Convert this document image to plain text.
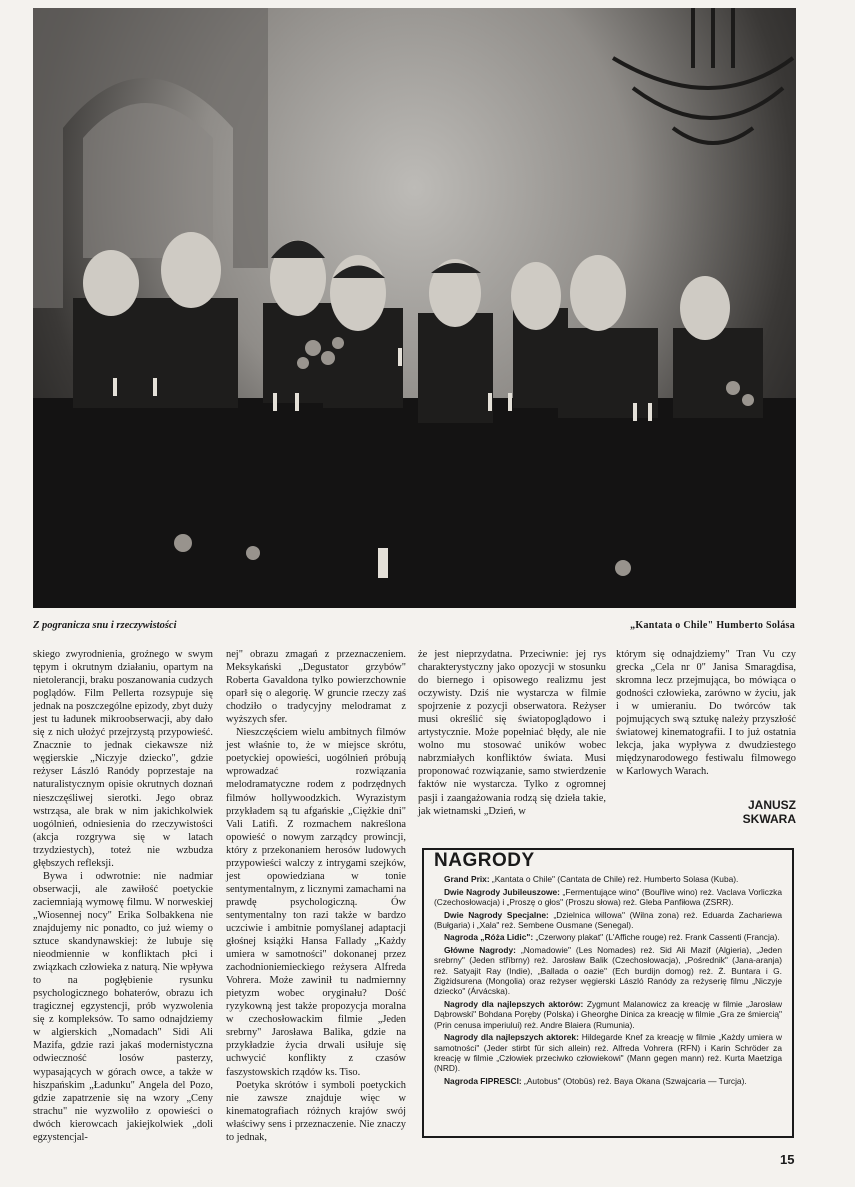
Z pogranicza snu i rzeczywistości	„Kantata o Chile" Humberto Solása

skiego zwyrodnienia, groźnego w swym tępym i okrutnym działaniu, opartym na nietolerancji, braku poszanowania cudzych poglądów. Film Pellerta rozsypuje się jednak na poszczególne epizody, zbyt duży jest tu ładunek mikroobserwacji, aby dało się z nich ułożyć przejrzystą przypowieść. Znacznie to jednak ciekawsze niż węgierskie „Niczyje dziecko", gdzie reżyser László Ranódy poprzestaje na naturalistycznym opisie okrutnych doznań nieszczęśliwej sierotki. Jego obraz wstrząsa, ale brak w nim jakichkolwiek uogólnień, odniesienia do rzeczywistości (akcja rozgrywa się w latach trzydziestych), toteż nie wzbudza głębszych refleksji.

Bywa i odwrotnie: nie nadmiar obserwacji, ale zawiłość poetyckie zaciemniają wymowę filmu. W norweskiej „Wiosennej nocy" Erika Solbakkena nie znajdujemy nic ponadto, co już wiemy o sztuce skandynawskiej: że lubuje się nieodmiennie w konfliktach płci i związkach człowieka z naturą. Nie wpływa to na pogłębienie rysunku psychologicznego bohaterów, obrazu ich tragicznej egzystencji, prób wyzwolenia się z kompleksów. To samo odnajdziemy w algierskich „Nomadach" Sidi Ali Mazifa, gdzie razi jakaś modernistyczna odwieczność losów pasterzy, wypasających w górach owce, a także w hiszpańskim „Ładunku" Angela del Pozo, gdzie zapatrzenie się na wzory „Ceny strachu" nie wyzwoliło z opowieści o dwóch kierowcach jakiejkolwiek „doli egzystencjal-

nej" obrazu zmagań z przeznaczeniem. Meksykański „Degustator grzybów" Roberta Gavaldona tylko powierzchownie oparł się o alegorię. W gruncie rzeczy zaś chodziło o tradycyjny melodramat z wyższych sfer.

Nieszczęściem wielu ambitnych filmów jest właśnie to, że w miejsce skrótu, poetyckiej opowieści, uogólnień próbują wprowadzać rozwiązania melodramatyczne rodem z podrzędnych filmów hollywoodzkich. Wyrazistym przykładem są tu afgańskie „Ciężkie dni" Vali Latifi. Z rozmachem nakreślona opowieść o nowym zarządcy prowincji, który z przekonaniem herosów ludowych przypowieści walczy z intrygami szejków, jest opowiedziana w tonie sentymentalnym, z licznymi zamachami na prawdę psychologiczną. Ów sentymentalny ton razi także w bardzo uczciwie i ambitnie pomyślanej adaptacji głośnej książki Hansa Fallady „Każdy umiera w samotności" dokonanej przez zachodnioniemieckiego reżysera Alfreda Vohrera. Może zawinił tu nadmiernny pietyzm wobec oryginału? Dość ryzykowną jest także propozycja moralna w czechosłowackim filmie „Jeden srebrny" Jarosława Balika, gdzie na przykładzie życia drwali usiłuje się uchwycić konflikty z czasów faszystowskich rządów ks. Tiso.

Poetyka skrótów i symboli poetyckich nie zawsze znajduje więc w kinematografiach różnych krajów swój właściwy sens i przeznaczenie. Nie znaczy to jednak,

że jest nieprzydatna. Przeciwnie: jej rys charakterystyczny jako opozycji w stosunku do biernego i opisowego realizmu jest oczywisty. Dziś nie wystarcza w filmie spojrzenie z pozycji obserwatora. Reżyser musi określić się światopoglądowo i artystycznie. Może popełniać błędy, ale nie wolno mu stosować uników wobec nabrzmiałych konfliktów świata. Musi proponować rozwiązanie, samo stwierdzenie faktów nie wystarcza. Tylko z ogromnej pasji i zaangażowania rodzą się dzieła takie, jak wietnamski „Dzień, w

którym się odnajdziemy" Tran Vu czy grecka „Cela nr 0" Janisa Smaragdisa, skromna lecz przejmująca, bo mówiąca o godności człowieka, zarówno w życiu, jak i w umieraniu. Do twórców tak pojmujących swą sztukę należy przyszłość światowej kinematografii. I to już ostatnia lekcja, jaka wypływa z dwudziestego międzynarodowego festiwalu filmowego w Karlowych Warach.

JANUSZ
SKWARA
NAGRODY

Grand Prix: „Kantata o Chile" (Cantata de Chile) reż. Humberto Solasa (Kuba).

Dwie Nagrody Jubileuszowe: „Fermentujące wino" (Bouřlive wino) reż. Vaclava Vorliczka (Czechosłowacja) i „Proszę o głos" (Proszu słowa) reż. Gleba Panfiłowa (ZSRR).

Dwie Nagrody Specjalne: „Dzielnica willowa" (Wilna zona) reż. Eduarda Zachariewa (Bułgaria) i „Xala" reż. Sembene Ousmane (Senegal).

Nagroda „Róża Lidic": „Czerwony plakat" (L'Affiche rouge) reż. Frank Cassenti (Francja).

Główne Nagrody: „Nomadowie" (Les Nomades) reż. Sid Ali Mazif (Algieria), „Jeden srebrny" (Jeden stříbrny) reż. Jarosław Balik (Czechosłowacja), „Pośrednik" (Jana-aranja) reż. Satyajit Ray (Indie), „Ballada o oazie" (Ech burdijn domog) reż. Ż. Buntara i G. Żigżidsurena (Mongolia) oraz reżyser węgierski László Ranódy za reżyserię filmu „Niczyje dziecko" (Árvácska).

Nagrody dla najlepszych aktorów: Zygmunt Malanowicz za kreację w filmie „Jarosław Dąbrowski" Bohdana Poręby (Polska) i Gheorghe Dinica za kreację w filmie „Gra ze śmiercią" (Prin cenusa imperiului) reż. Andre Blaiera (Rumunia).

Nagrody dla najlepszych aktorek: Hildegarde Knef za kreację w filmie „Każdy umiera w samotności" (Jeder stirbt für sich allein) reż. Alfreda Vohrera (RFN) i Karin Schröder za kreację w filmie „Człowiek przeciwko człowiekowi" (Mann gegen mann) reż. Kurta Maetziga (NRD).

Nagroda FIPRESCI: „Autobus" (Otobüs) reż. Baya Okana (Szwajcaria — Turcja).

15
